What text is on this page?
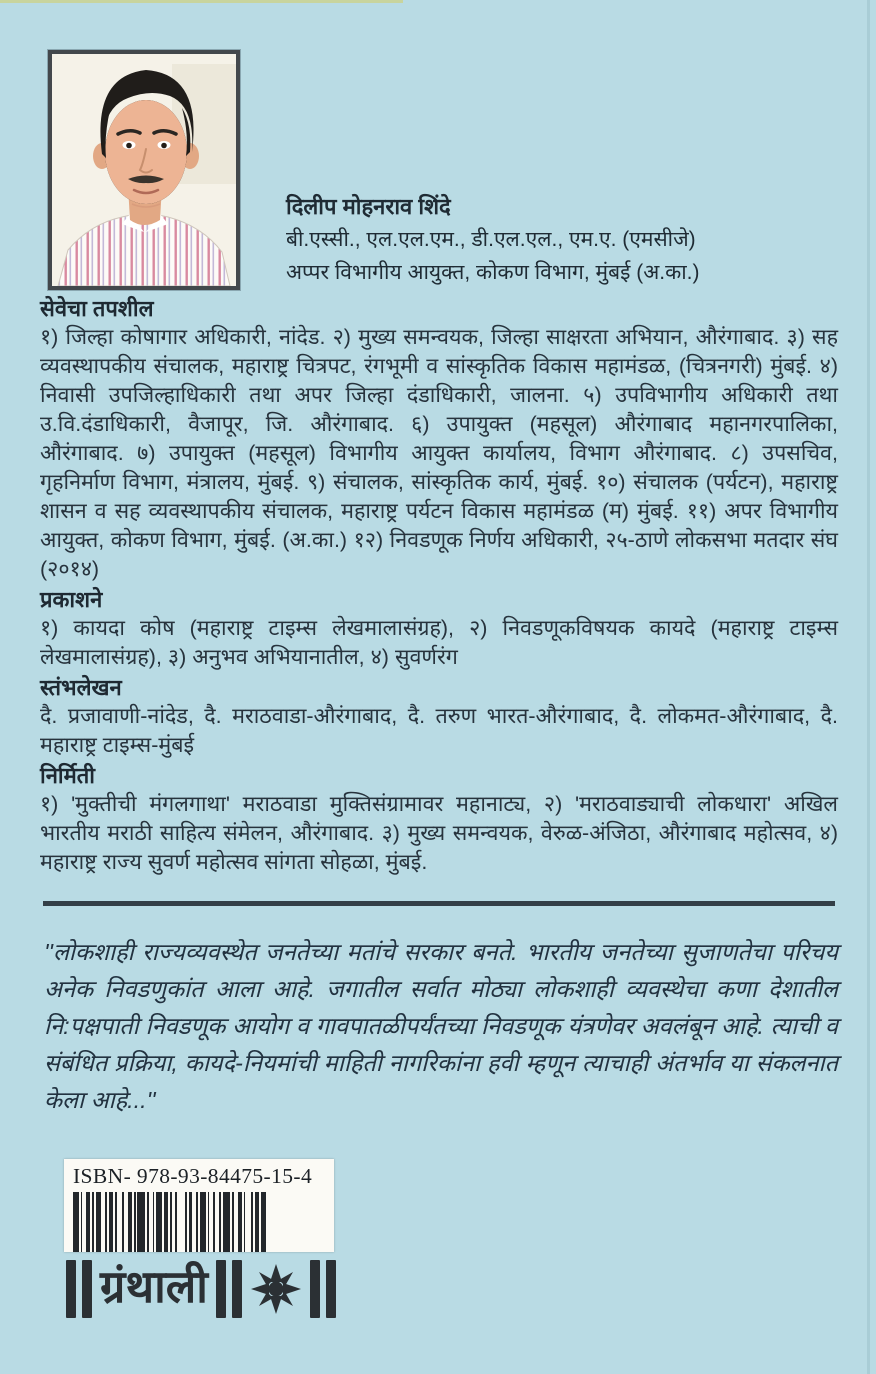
दिलीप मोहनराव शिंदे
बी.एस्सी., एल.एल.एम., डी.एल.एल., एम.ए. (एमसीजे)
अप्पर विभागीय आयुक्त, कोकण विभाग, मुंबई (अ.का.)
सेवेचा तपशील

१) जिल्हा कोषागार अधिकारी, नांदेड. २) मुख्य समन्वयक, जिल्हा साक्षरता अभियान, औरंगाबाद. ३) सह व्यवस्थापकीय संचालक, महाराष्ट्र चित्रपट, रंगभूमी व सांस्कृतिक विकास महामंडळ, (चित्रनगरी) मुंबई. ४) निवासी उपजिल्हाधिकारी तथा अपर जिल्हा दंडाधिकारी, जालना. ५) उपविभागीय अधिकारी तथा उ.वि.दंडाधिकारी, वैजापूर, जि. औरंगाबाद. ६) उपायुक्त (महसूल) औरंगाबाद महानगरपालिका, औरंगाबाद. ७) उपायुक्त (महसूल) विभागीय आयुक्त कार्यालय, विभाग औरंगाबाद. ८) उपसचिव, गृहनिर्माण विभाग, मंत्रालय, मुंबई. ९) संचालक, सांस्कृतिक कार्य, मुंबई. १०) संचालक (पर्यटन), महाराष्ट्र शासन व सह व्यवस्थापकीय संचालक, महाराष्ट्र पर्यटन विकास महामंडळ (म) मुंबई. ११) अपर विभागीय आयुक्त, कोकण विभाग, मुंबई. (अ.का.) १२) निवडणूक निर्णय अधिकारी, २५-ठाणे लोकसभा मतदार संघ (२०१४)

प्रकाशने

१) कायदा कोष (महाराष्ट्र टाइम्स लेखमालासंग्रह), २) निवडणूकविषयक कायदे (महाराष्ट्र टाइम्स लेखमालासंग्रह), ३) अनुभव अभियानातील, ४) सुवर्णरंग

स्तंभलेखन

दै. प्रजावाणी-नांदेड, दै. मराठवाडा-औरंगाबाद, दै. तरुण भारत-औरंगाबाद, दै. लोकमत-औरंगाबाद, दै. महाराष्ट्र टाइम्स-मुंबई

निर्मिती

१) 'मुक्तीची मंगलगाथा' मराठवाडा मुक्तिसंग्रामावर महानाट्य, २) 'मराठवाड्याची लोकधारा' अखिल भारतीय मराठी साहित्य संमेलन, औरंगाबाद. ३) मुख्य समन्वयक, वेरुळ-अंजिठा, औरंगाबाद महोत्सव, ४) महाराष्ट्र राज्य सुवर्ण महोत्सव सांगता सोहळा, मुंबई.

''लोकशाही राज्यव्यवस्थेत जनतेच्या मतांचे सरकार बनते. भारतीय जनतेच्या सुजाणतेचा परिचय अनेक निवडणुकांत आला आहे. जगातील सर्वात मोठ्या लोकशाही व्यवस्थेचा कणा देशातील नि:पक्षपाती निवडणूक आयोग व गावपातळीपर्यंतच्या निवडणूक यंत्रणेवर अवलंबून आहे. त्याची व संबंधित प्रक्रिया, कायदे-नियमांची माहिती नागरिकांना हवी म्हणून त्याचाही अंतर्भाव या संकलनात केला आहे...''
ISBN- 978-93-84475-15-4
ग्रंथाली
